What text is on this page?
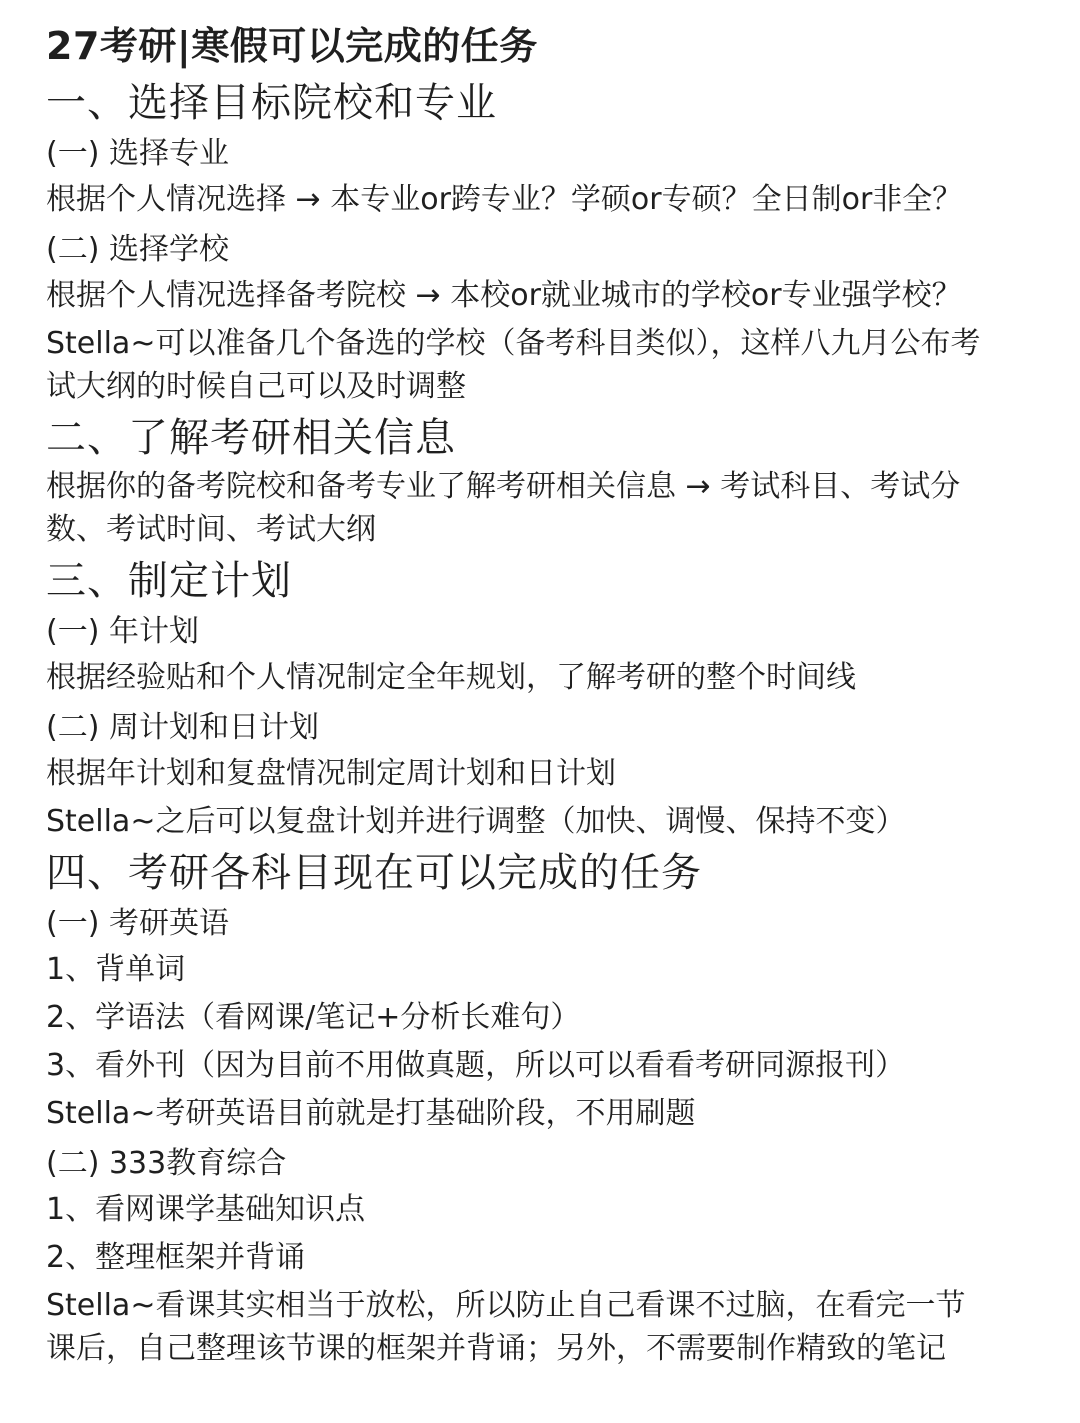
27考研|寒假可以完成的任务
一、选择目标院校和专业
(一) 选择专业
根据个人情况选择 → 本专业or跨专业？学硕or专硕？全日制or非全？
(二) 选择学校
根据个人情况选择备考院校 → 本校or就业城市的学校or专业强学校？
Stella~可以准备几个备选的学校（备考科目类似），这样八九月公布考
试大纲的时候自己可以及时调整
二、了解考研相关信息
根据你的备考院校和备考专业了解考研相关信息 → 考试科目、考试分
数、考试时间、考试大纲
三、制定计划
(一) 年计划
根据经验贴和个人情况制定全年规划，了解考研的整个时间线
(二) 周计划和日计划
根据年计划和复盘情况制定周计划和日计划
Stella~之后可以复盘计划并进行调整（加快、调慢、保持不变）
四、考研各科目现在可以完成的任务
(一) 考研英语
1、背单词
2、学语法（看网课/笔记+分析长难句）
3、看外刊（因为目前不用做真题，所以可以看看考研同源报刊）
Stella~考研英语目前就是打基础阶段，不用刷题
(二) 333教育综合
1、看网课学基础知识点
2、整理框架并背诵
Stella~看课其实相当于放松，所以防止自己看课不过脑，在看完一节
课后，自己整理该节课的框架并背诵；另外，不需要制作精致的笔记
